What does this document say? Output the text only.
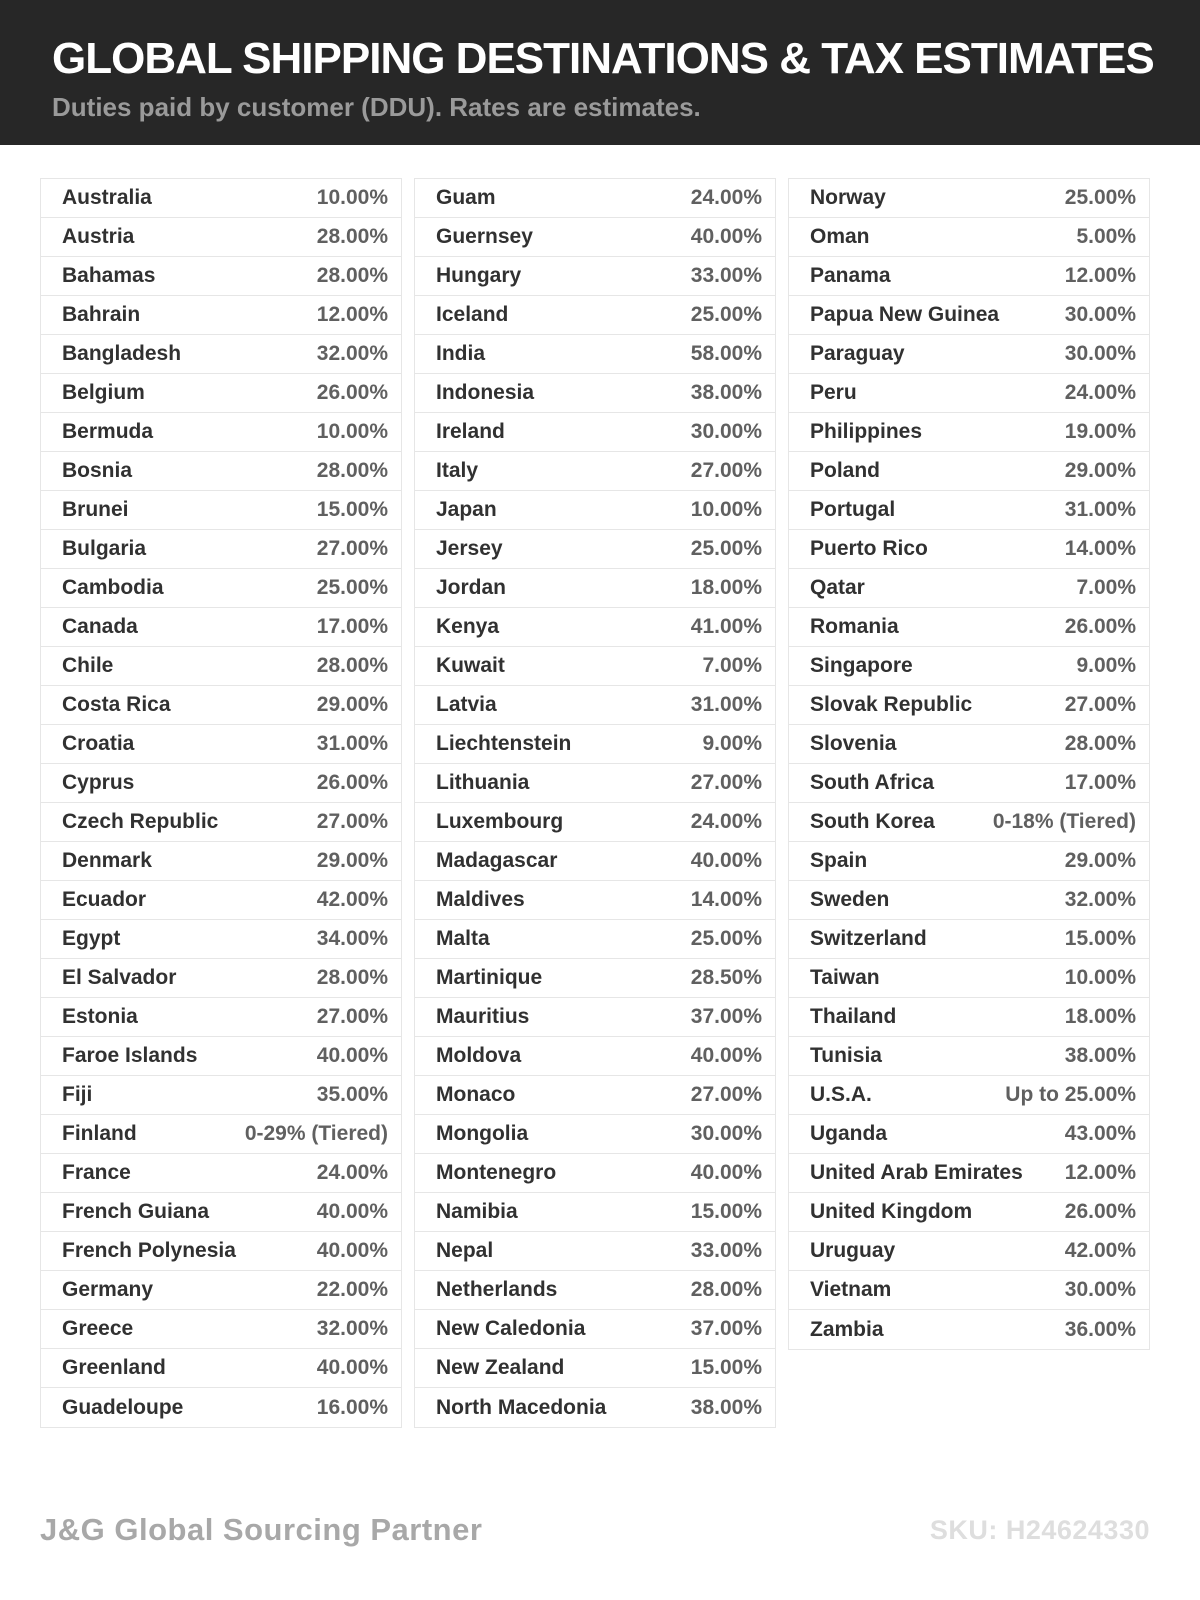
GLOBAL SHIPPING DESTINATIONS & TAX ESTIMATES

Duties paid by customer (DDU). Rates are estimates.

Australia	10.00%
Austria	28.00%
Bahamas	28.00%
Bahrain	12.00%
Bangladesh	32.00%
Belgium	26.00%
Bermuda	10.00%
Bosnia	28.00%
Brunei	15.00%
Bulgaria	27.00%
Cambodia	25.00%
Canada	17.00%
Chile	28.00%
Costa Rica	29.00%
Croatia	31.00%
Cyprus	26.00%
Czech Republic	27.00%
Denmark	29.00%
Ecuador	42.00%
Egypt	34.00%
El Salvador	28.00%
Estonia	27.00%
Faroe Islands	40.00%
Fiji	35.00%
Finland	0-29% (Tiered)
France	24.00%
French Guiana	40.00%
French Polynesia	40.00%
Germany	22.00%
Greece	32.00%
Greenland	40.00%
Guadeloupe	16.00%
Guam	24.00%
Guernsey	40.00%
Hungary	33.00%
Iceland	25.00%
India	58.00%
Indonesia	38.00%
Ireland	30.00%
Italy	27.00%
Japan	10.00%
Jersey	25.00%
Jordan	18.00%
Kenya	41.00%
Kuwait	7.00%
Latvia	31.00%
Liechtenstein	9.00%
Lithuania	27.00%
Luxembourg	24.00%
Madagascar	40.00%
Maldives	14.00%
Malta	25.00%
Martinique	28.50%
Mauritius	37.00%
Moldova	40.00%
Monaco	27.00%
Mongolia	30.00%
Montenegro	40.00%
Namibia	15.00%
Nepal	33.00%
Netherlands	28.00%
New Caledonia	37.00%
New Zealand	15.00%
North Macedonia	38.00%
Norway	25.00%
Oman	5.00%
Panama	12.00%
Papua New Guinea	30.00%
Paraguay	30.00%
Peru	24.00%
Philippines	19.00%
Poland	29.00%
Portugal	31.00%
Puerto Rico	14.00%
Qatar	7.00%
Romania	26.00%
Singapore	9.00%
Slovak Republic	27.00%
Slovenia	28.00%
South Africa	17.00%
South Korea	0-18% (Tiered)
Spain	29.00%
Sweden	32.00%
Switzerland	15.00%
Taiwan	10.00%
Thailand	18.00%
Tunisia	38.00%
U.S.A.	Up to 25.00%
Uganda	43.00%
United Arab Emirates 12.00%
United Kingdom	26.00%
Uruguay	42.00%
Vietnam	30.00%
Zambia	36.00%
J&G Global Sourcing Partner	SKU: H24624330
